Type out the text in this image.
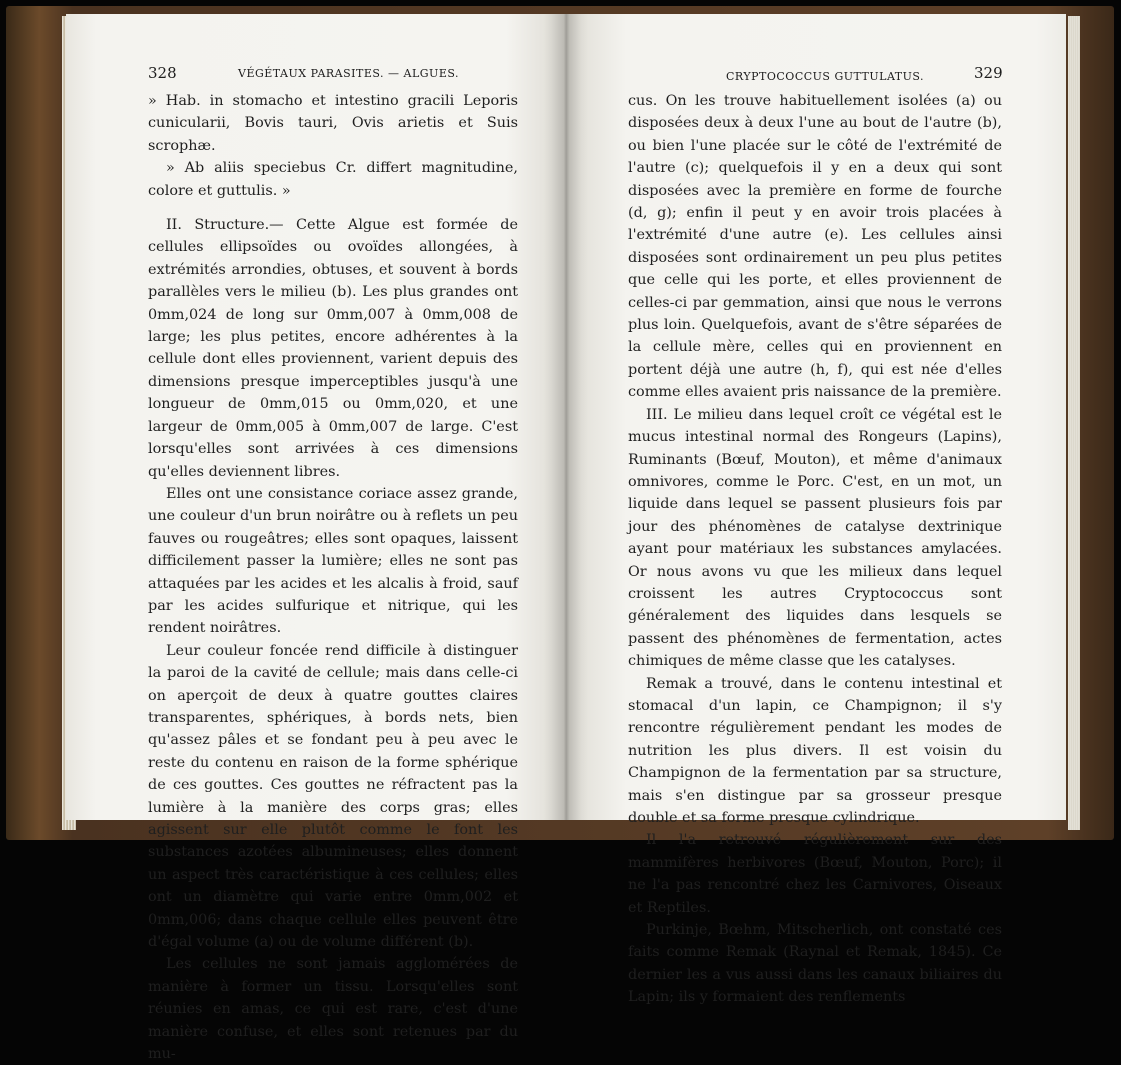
328	VÉGÉTAUX PARASITES. — ALGUES.

» Hab. in stomacho et intestino gracili Leporis cunicularii, Bovis tauri, Ovis arietis et Suis scrophæ.

» Ab aliis speciebus Cr. differt magnitudine, colore et guttulis. »

II. Structure.— Cette Algue est formée de cellules ellipsoïdes ou ovoïdes allongées, à extrémités arrondies, obtuses, et souvent à bords parallèles vers le milieu (b). Les plus grandes ont 0mm,024 de long sur 0mm,007 à 0mm,008 de large; les plus petites, encore adhérentes à la cellule dont elles proviennent, varient depuis des dimensions presque imperceptibles jusqu'à une longueur de 0mm,015 ou 0mm,020, et une largeur de 0mm,005 à 0mm,007 de large. C'est lorsqu'elles sont arrivées à ces dimensions qu'elles deviennent libres.

Elles ont une consistance coriace assez grande, une couleur d'un brun noirâtre ou à reflets un peu fauves ou rougeâtres; elles sont opaques, laissent difficilement passer la lumière; elles ne sont pas attaquées par les acides et les alcalis à froid, sauf par les acides sulfurique et nitrique, qui les rendent noirâtres.

Leur couleur foncée rend difficile à distinguer la paroi de la cavité de cellule; mais dans celle-ci on aperçoit de deux à quatre gouttes claires transparentes, sphériques, à bords nets, bien qu'assez pâles et se fondant peu à peu avec le reste du contenu en raison de la forme sphérique de ces gouttes. Ces gouttes ne réfractent pas la lumière à la manière des corps gras; elles agissent sur elle plutôt comme le font les substances azotées albumineuses; elles donnent un aspect très caractéristique à ces cellules; elles ont un diamètre qui varie entre 0mm,002 et 0mm,006; dans chaque cellule elles peuvent être d'égal volume (a) ou de volume différent (b).

Les cellules ne sont jamais agglomérées de manière à former un tissu. Lorsqu'elles sont réunies en amas, ce qui est rare, c'est d'une manière confuse, et elles sont retenues par du mu-

CRYPTOCOCCUS GUTTULATUS.	329

cus. On les trouve habituellement isolées (a) ou disposées deux à deux l'une au bout de l'autre (b), ou bien l'une placée sur le côté de l'extrémité de l'autre (c); quelquefois il y en a deux qui sont disposées avec la première en forme de fourche (d, g); enfin il peut y en avoir trois placées à l'extrémité d'une autre (e). Les cellules ainsi disposées sont ordinairement un peu plus petites que celle qui les porte, et elles proviennent de celles-ci par gemmation, ainsi que nous le verrons plus loin. Quelquefois, avant de s'être séparées de la cellule mère, celles qui en proviennent en portent déjà une autre (h, f), qui est née d'elles comme elles avaient pris naissance de la première.

III. Le milieu dans lequel croît ce végétal est le mucus intestinal normal des Rongeurs (Lapins), Ruminants (Bœuf, Mouton), et même d'animaux omnivores, comme le Porc. C'est, en un mot, un liquide dans lequel se passent plusieurs fois par jour des phénomènes de catalyse dextrinique ayant pour matériaux les substances amylacées. Or nous avons vu que les milieux dans lequel croissent les autres Cryptococcus sont généralement des liquides dans lesquels se passent des phénomènes de fermentation, actes chimiques de même classe que les catalyses.

Remak a trouvé, dans le contenu intestinal et stomacal d'un lapin, ce Champignon; il s'y rencontre régulièrement pendant les modes de nutrition les plus divers. Il est voisin du Champignon de la fermentation par sa structure, mais s'en distingue par sa grosseur presque double et sa forme presque cylindrique.

Il l'a retrouvé régulièrement sur des mammifères herbivores (Bœuf, Mouton, Porc); il ne l'a pas rencontré chez les Carnivores, Oiseaux et Reptiles.

Purkinje, Bœhm, Mitscherlich, ont constaté ces faits comme Remak (Raynal et Remak, 1845). Ce dernier les a vus aussi dans les canaux biliaires du Lapin; ils y formaient des renflements
